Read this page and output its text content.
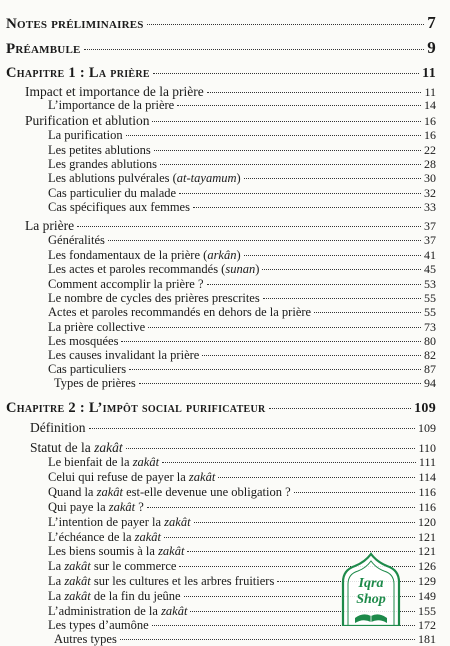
Notes préliminaires	7
Préambule	9
Chapitre 1 : La prière	11
Impact et importance de la prière	11
L’importance de la prière	14
Purification et ablution	16
La purification	16
Les petites ablutions	22
Les grandes ablutions	28
Les ablutions pulvérales (at-tayamum)	30
Cas particulier du malade	32
Cas spécifiques aux femmes	33
La prière	37
Généralités	37
Les fondamentaux de la prière (arkân)	41
Les actes et paroles recommandés (sunan)	45
Comment accomplir la prière ?	53
Le nombre de cycles des prières prescrites	55
Actes et paroles recommandés en dehors de la prière	55
La prière collective	73
Les mosquées	80
Les causes invalidant la prière	82
Cas particuliers	87
Types de prières	94
Chapitre 2 : L’impôt social purificateur	109
Définition	109
Statut de la zakât	110
Le bienfait de la zakât	111
Celui qui refuse de payer la zakât	114
Quand la zakât est-elle devenue une obligation ?	116
Qui paye la zakât ?	116
L’intention de payer la zakât	120
L’échéance de la zakât	121
Les biens soumis à la zakât	121
La zakât sur le commerce	126
La zakât sur les cultures et les arbres fruitiers	129
La zakât de la fin du jeûne	149
L’administration de la zakât	155
Les types d’aumône	172
Autres types	181
Iqra
Shop
